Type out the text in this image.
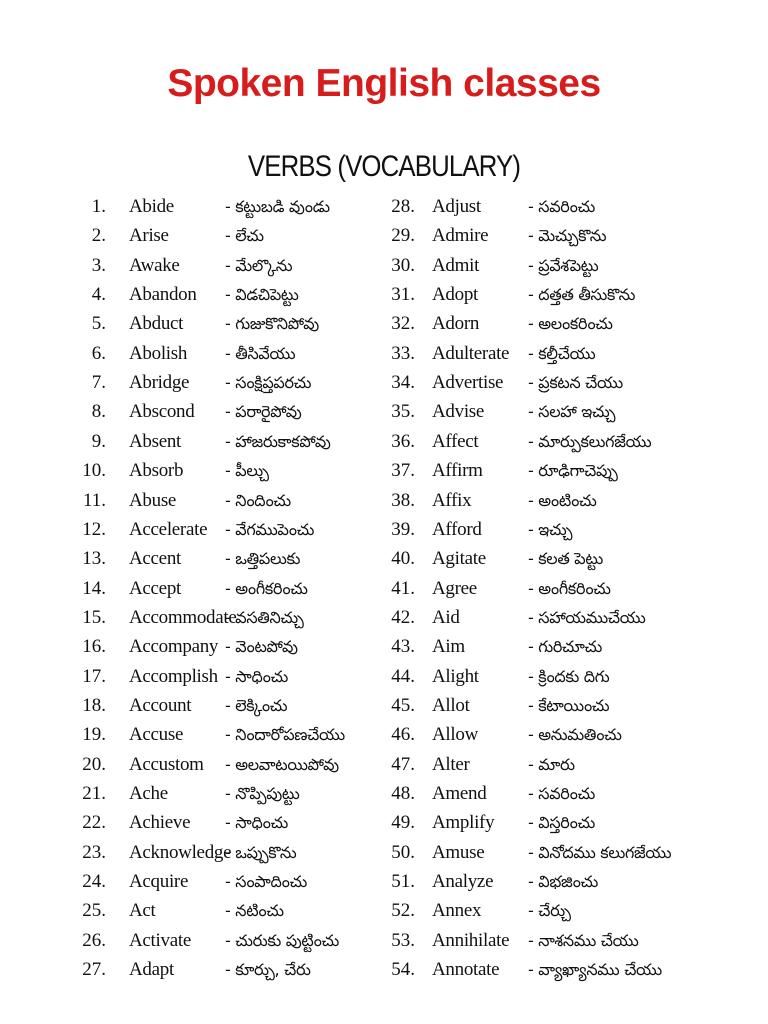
Spoken English classes
VERBS (VOCABULARY)
1. Abide	- కట్టుబడి వుండు
2. Arise	- లేచు
3. Awake	- మేల్కొను
4. Abandon - విడచిపెట్టు
5. Abduct	- గుజుకొనిపోవు
6. Abolish - తీసివేయు
7. Abridge - సంక్షిప్తపరచు
8. Abscond - పరారైపోవు
9. Absent	- హాజరుకాకపోవు
10. Absorb	- పీల్చు
11. Abuse	- నిందించు
12. Accelerate - వేగముపెంచు
13. Accent	- ఒత్తిపలుకు
14. Accept	- అంగీకరించు
15. Accommodate
- వసతినిచ్చు
16. Accompany - వెంటపోవు
17. Accomplish - సాధించు
18. Account - లెక్కించు
19. Accuse	- నిందారోపణచేయు
20. Accustom - అలవాటయిపోవు
21. Ache	- నొప్పిపుట్టు
22. Achieve - సాధించు
23. Acknowledge
- ఒప్పుకొను
24. Acquire - సంపాదించు
25. Act	- నటించు
26. Activate - చురుకు పుట్టించు
27. Adapt	- కూర్చు, చేరు
28. Adjust	- సవరించు
29. Admire - మెచ్చుకొను
30. Admit	- ప్రవేశపెట్టు
31. Adopt	- దత్తత తీసుకొను
32. Adorn	- అలంకరించు
33. Adulterate - కల్తీచేయు
34. Advertise - ప్రకటన చేయు
35. Advise	- సలహా ఇచ్చు
36. Affect	- మార్పుకలుగజేయు
37. Affirm	- రూఢిగాచెప్పు
38. Affix	- అంటించు
39. Afford	- ఇచ్చు
40. Agitate	- కలత పెట్టు
41. Agree	- అంగీకరించు
42. Aid	- సహాయముచేయు
43. Aim	- గురిచూచు
44. Alight	- క్రిందకు దిగు
45. Allot	- కేటాయించు
46. Allow	- అనుమతించు
47. Alter	- మారు
48. Amend	- సవరించు
49. Amplify - విస్తరించు
50. Amuse	- వినోదము కలుగజేయు
51. Analyze - విభజించు
52. Annex	- చేర్చు
53. Annihilate - నాశనము చేయు
54. Annotate - వ్యాఖ్యానము చేయు
